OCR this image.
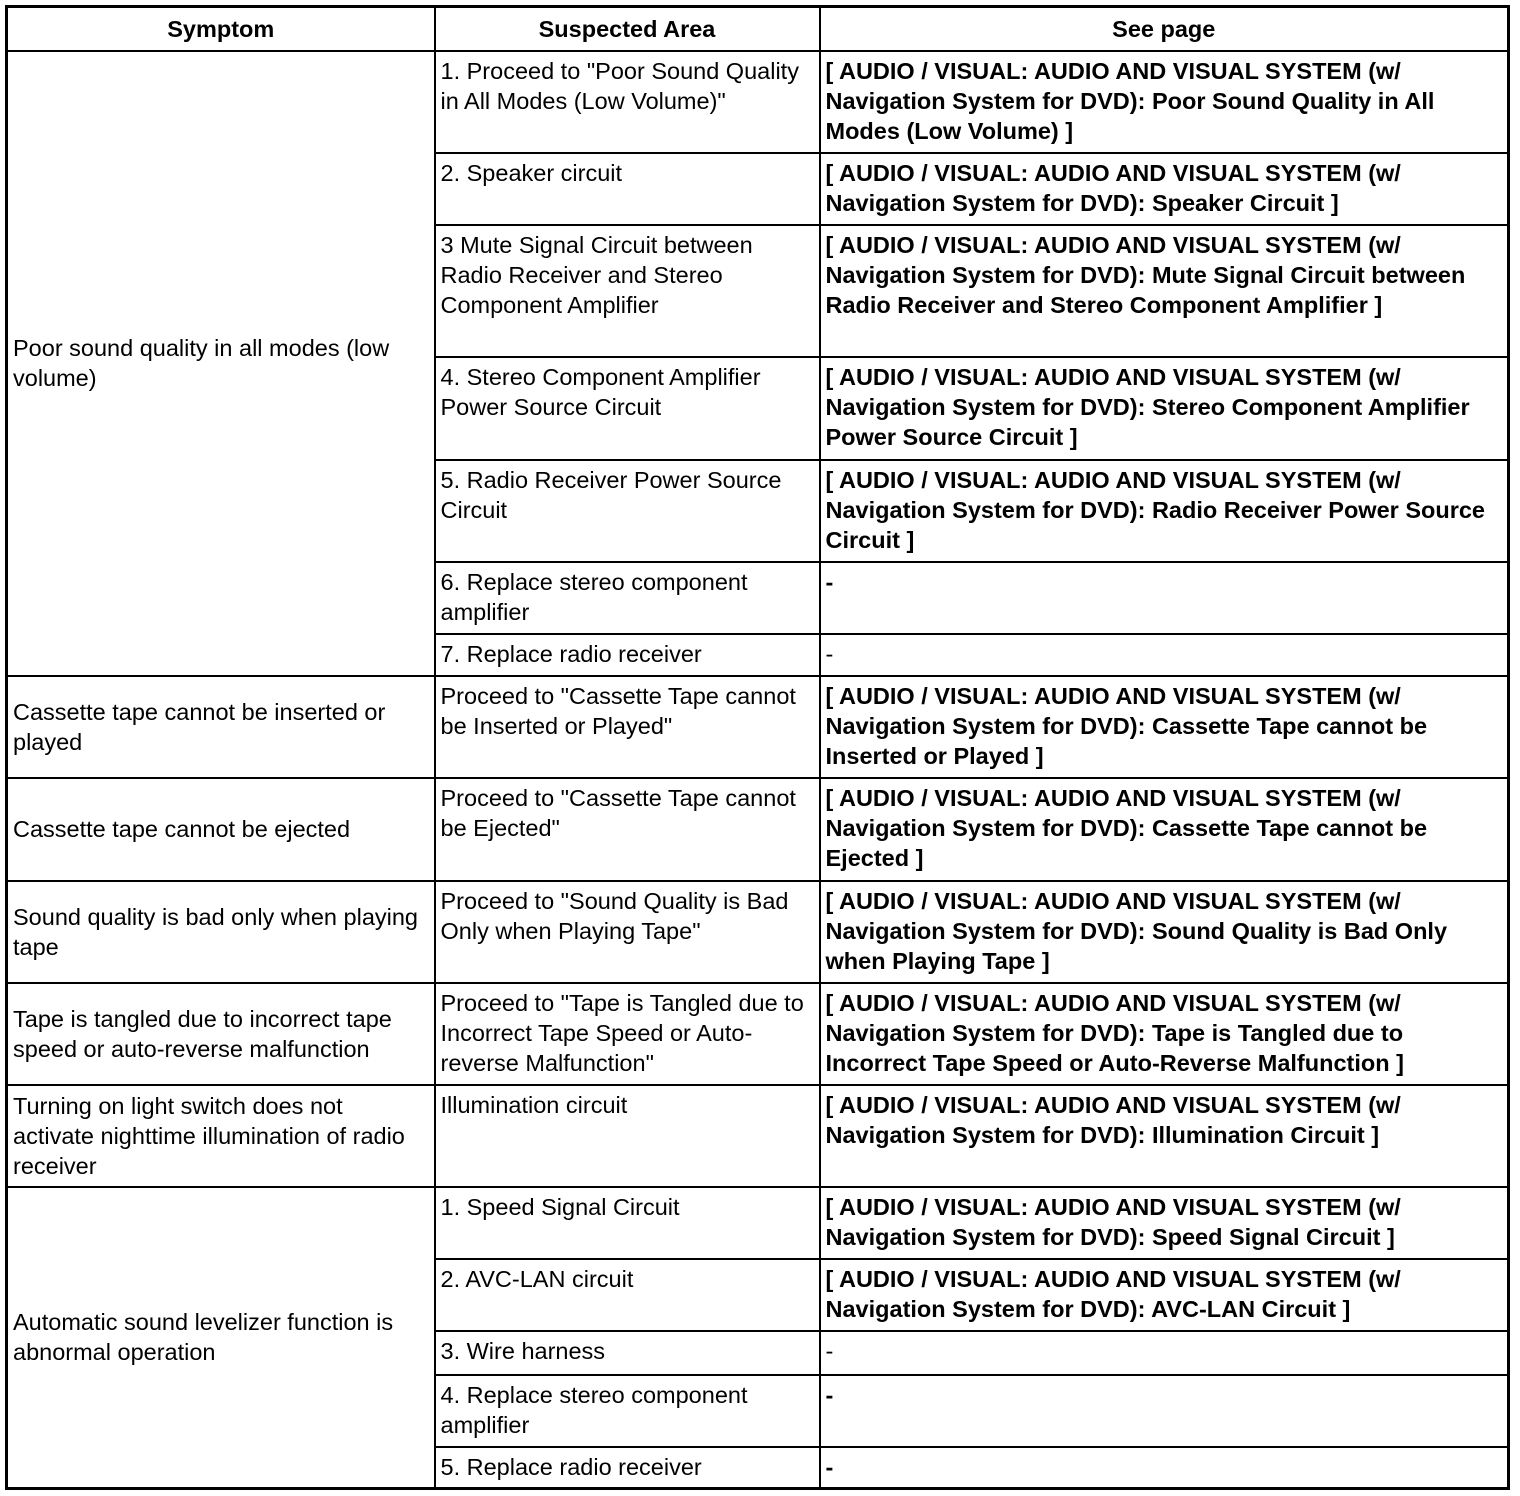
Symptom	Suspected Area	See page
Poor sound quality in all modes (low volume)	1. Proceed to "Poor Sound Quality in All Modes (Low Volume)"	[ AUDIO / VISUAL: AUDIO AND VISUAL SYSTEM (w/ Navigation System for DVD): Poor Sound Quality in All Modes (Low Volume) ]
	2. Speaker circuit	[ AUDIO / VISUAL: AUDIO AND VISUAL SYSTEM (w/ Navigation System for DVD): Speaker Circuit ]
	3 Mute Signal Circuit between Radio Receiver and Stereo Component Amplifier	[ AUDIO / VISUAL: AUDIO AND VISUAL SYSTEM (w/ Navigation System for DVD): Mute Signal Circuit between Radio Receiver and Stereo Component Amplifier ]
	4. Stereo Component Amplifier Power Source Circuit	[ AUDIO / VISUAL: AUDIO AND VISUAL SYSTEM (w/ Navigation System for DVD): Stereo Component Amplifier Power Source Circuit ]
	5. Radio Receiver Power Source Circuit	[ AUDIO / VISUAL: AUDIO AND VISUAL SYSTEM (w/ Navigation System for DVD): Radio Receiver Power Source Circuit ]
	6. Replace stereo component amplifier	-
	7. Replace radio receiver	-
Cassette tape cannot be inserted or played	Proceed to "Cassette Tape cannot be Inserted or Played"	[ AUDIO / VISUAL: AUDIO AND VISUAL SYSTEM (w/ Navigation System for DVD): Cassette Tape cannot be Inserted or Played ]
Cassette tape cannot be ejected	Proceed to "Cassette Tape cannot be Ejected"	[ AUDIO / VISUAL: AUDIO AND VISUAL SYSTEM (w/ Navigation System for DVD): Cassette Tape cannot be Ejected ]
Sound quality is bad only when playing tape	Proceed to "Sound Quality is Bad Only when Playing Tape"	[ AUDIO / VISUAL: AUDIO AND VISUAL SYSTEM (w/ Navigation System for DVD): Sound Quality is Bad Only when Playing Tape ]
Tape is tangled due to incorrect tape speed or auto-reverse malfunction	Proceed to "Tape is Tangled due to Incorrect Tape Speed or Auto-reverse Malfunction"	[ AUDIO / VISUAL: AUDIO AND VISUAL SYSTEM (w/ Navigation System for DVD): Tape is Tangled due to Incorrect Tape Speed or Auto-Reverse Malfunction ]
Turning on light switch does not activate nighttime illumination of radio receiver	Illumination circuit	[ AUDIO / VISUAL: AUDIO AND VISUAL SYSTEM (w/ Navigation System for DVD): Illumination Circuit ]
Automatic sound levelizer function is abnormal operation	1. Speed Signal Circuit	[ AUDIO / VISUAL: AUDIO AND VISUAL SYSTEM (w/ Navigation System for DVD): Speed Signal Circuit ]
	2. AVC-LAN circuit	[ AUDIO / VISUAL: AUDIO AND VISUAL SYSTEM (w/ Navigation System for DVD): AVC-LAN Circuit ]
	3. Wire harness	-
	4. Replace stereo component amplifier	-
	5. Replace radio receiver	-
